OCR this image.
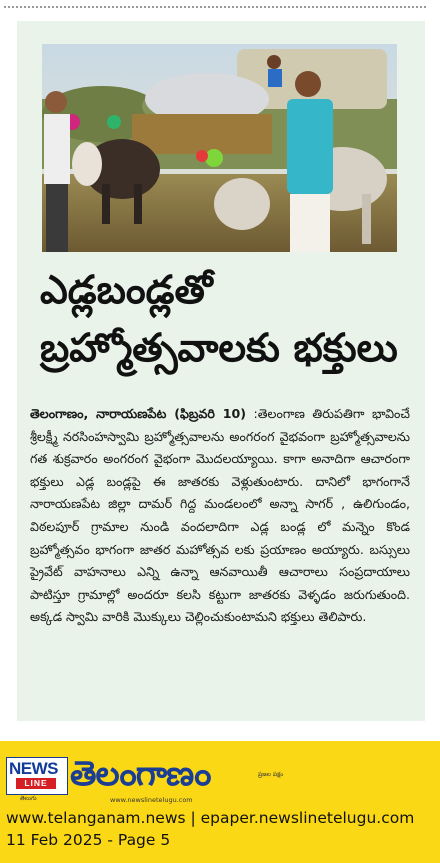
ఎడ్లబండ్లతో
బ్రహ్మోత్సవాలకు భక్తులు
తెలంగాణం, నారాయణపేట (ఫిబ్రవరి 10) :తెలంగాణ తిరుపతిగా భావించే శ్రీలక్ష్మీ నరసింహస్వామి బ్రహ్మోత్సవాలను అంగరంగ వైభవంగా బ్రహ్మోత్సవాలను గత శుక్రవారం అంగరంగ వైభంగా మొదలయ్యాయి. కాగా అనాదిగా ఆచారంగా భక్తులు ఎడ్ల బండ్లపై ఈ జాతరకు వెళ్లుతుంటారు. దానిలో భాగంగానే నారాయణపేట జిల్లా దామర్ గిద్ద మండలంలో అన్నా సాగర్ , ఉలిగుండం, విఠలపూర్ గ్రామాల నుండి వందలాదిగా ఎడ్ల బండ్ల లో మన్నెం కొండ బ్రహ్మోత్సవం భాగంగా జాతర మహోత్సవ లకు ప్రయాణం అయ్యారు. బస్సులు ప్రైవేట్ వాహనాలు ఎన్ని ఉన్నా ఆనవాయితీ ఆచారాలు సంప్రదాయాలు పాటిస్తూ గ్రామాల్లో అందరూ కలసి కట్టుగా జాతరకు వెళ్ళడం జరుగుతుంది. అక్కడ స్వామి వారికి మొక్కులు చెల్లించుకుంటామని భక్తులు తెలిపారు.
NEWS
LINE
తెలుగు
తెలంగాణం	ప్రజల పక్షం
www.newslinetelugu.com
www.telanganam.news | epaper.newslinetelugu.com
11 Feb 2025 - Page 5
